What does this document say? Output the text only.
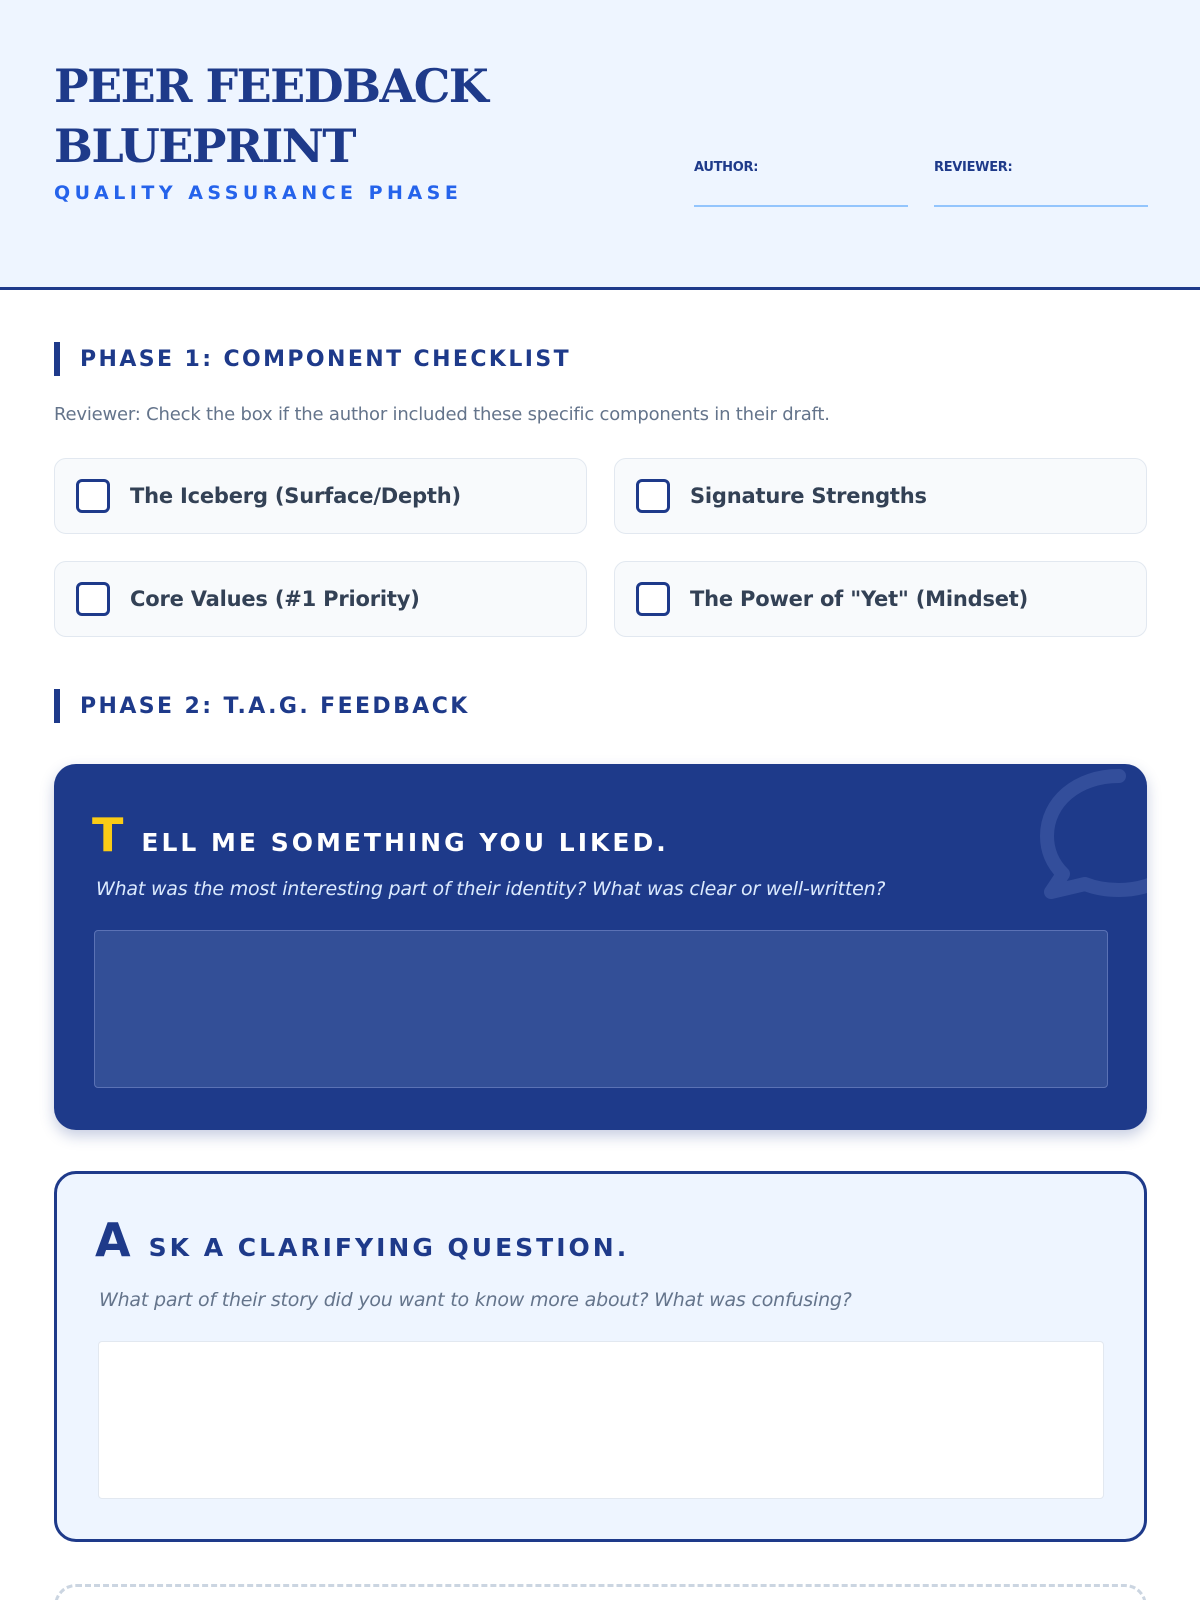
PEER FEEDBACK
BLUEPRINT
QUALITY ASSURANCE PHASE
AUTHOR:	REVIEWER:
PHASE 1: COMPONENT CHECKLIST
Reviewer: Check the box if the author included these specific components in their draft.
The Iceberg (Surface/Depth)	Signature Strengths
Core Values (#1 Priority)	The Power of "Yet" (Mindset)
PHASE 2: T.A.G. FEEDBACK
T ELL ME SOMETHING YOU LIKED.
What was the most interesting part of their identity? What was clear or well-written?
A SK A CLARIFYING QUESTION.
What part of their story did you want to know more about? What was confusing?
